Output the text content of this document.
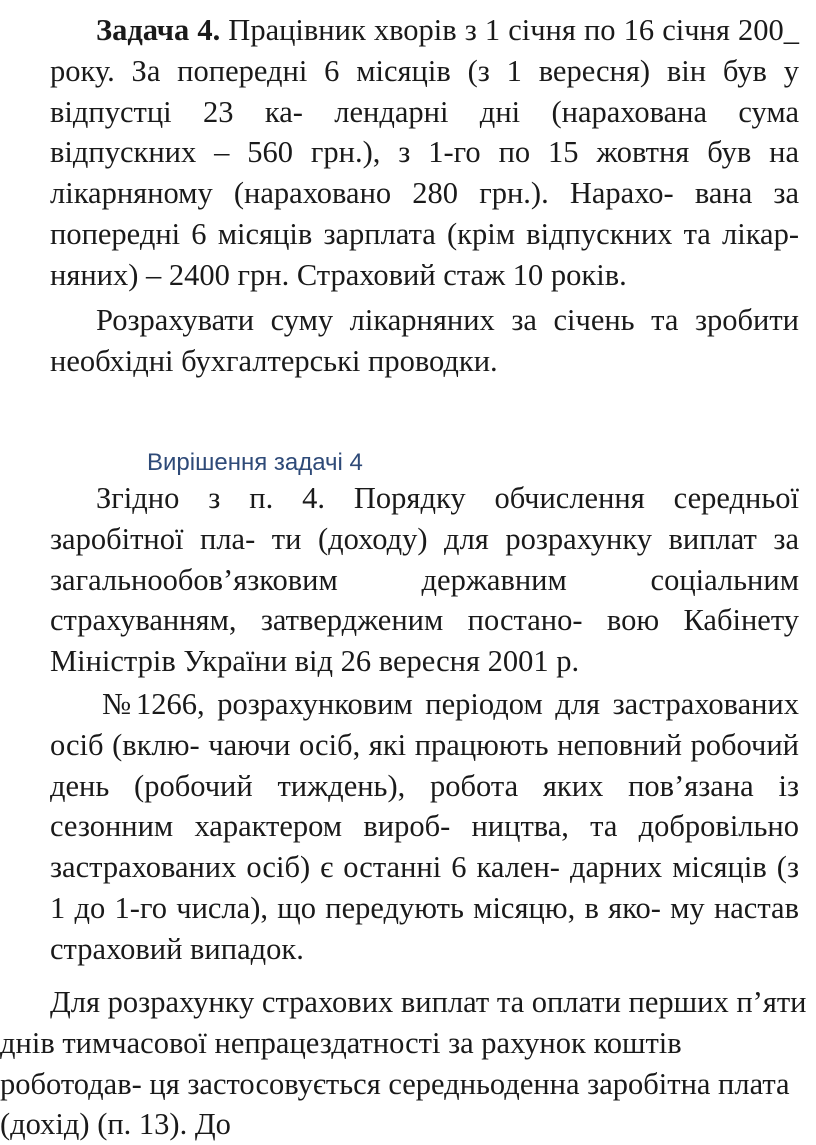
Задача 4. Працівник хворів з 1 січня по 16 січня 200_ року. За попередні 6 місяців (з 1 вересня) він був у відпустці 23 ка- лендарні дні (нарахована сума відпускних – 560 грн.), з 1-го по 15 жовтня був на лікарняному (нараховано 280 грн.). Нарахо- вана за попередні 6 місяців зарплата (крім відпускних та лікар- няних) – 2400 грн. Страховий стаж 10 років.

Розрахувати суму лікарняних за січень та зробити необхідні бухгалтерські проводки.

Вирішення задачі 4

Згідно з п. 4. Порядку обчислення середньої заробітної пла- ти (доходу) для розрахунку виплат за загальнообов’язковим державним соціальним страхуванням, затвердженим постано- вою Кабінету Міністрів України від 26 вересня 2001 р.

№1266, розрахунковим періодом для застрахованих осіб (вклю- чаючи осіб, які працюють неповний робочий день (робочий тиждень), робота яких пов’язана із сезонним характером вироб- ництва, та добровільно застрахованих осіб) є останні 6 кален- дарних місяців (з 1 до 1-го числа), що передують місяцю, в яко- му настав страховий випадок.

Для розрахунку страхових виплат та оплати перших п’яти днів тимчасової непрацездатності за рахунок коштів роботодав- ця застосовується середньоденна заробітна плата (дохід) (п. 13). До
